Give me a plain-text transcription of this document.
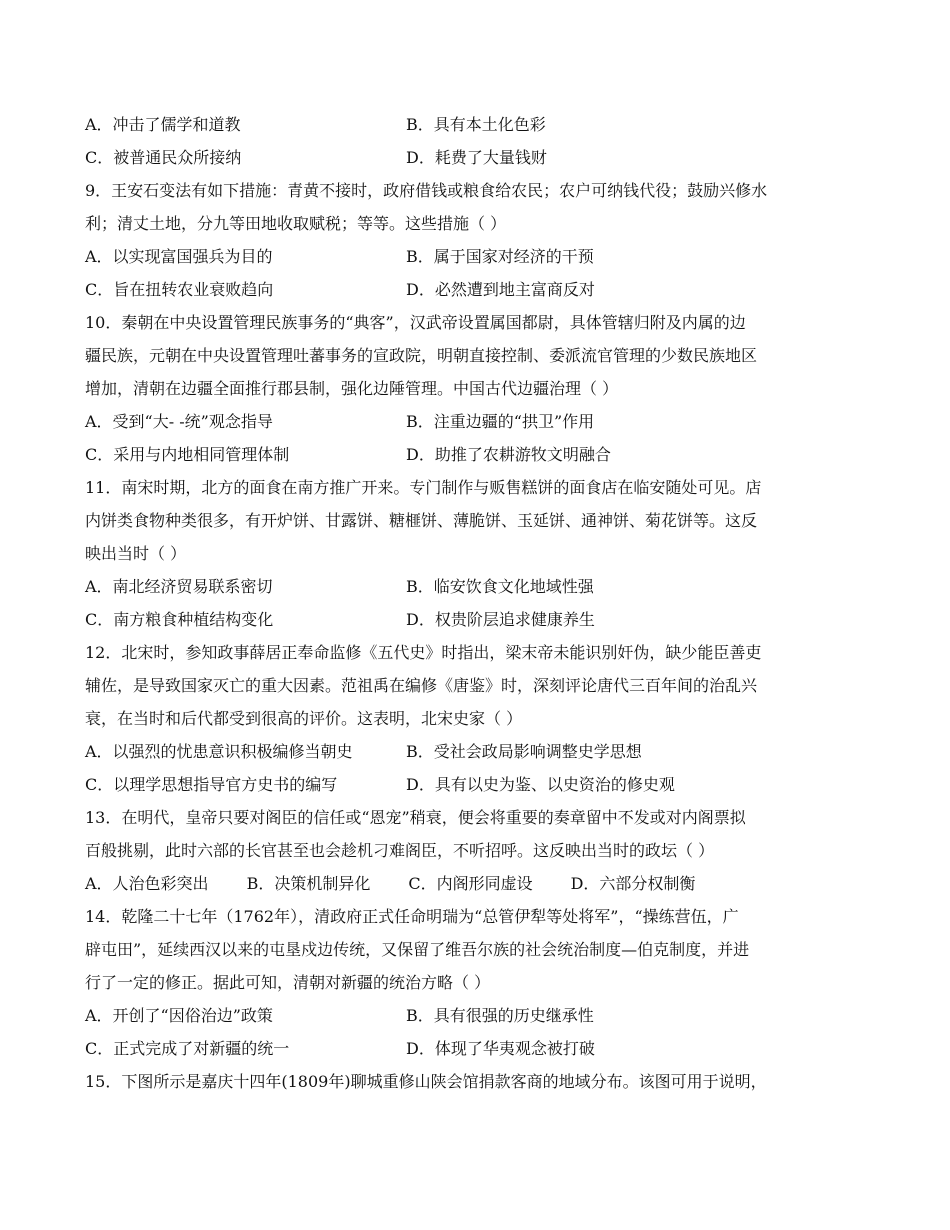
A．冲击了儒学和道教	B．具有本土化色彩
C．被普通民众所接纳	D．耗费了大量钱财
9．王安石变法有如下措施：青黄不接时，政府借钱或粮食给农民；农户可纳钱代役；鼓励兴修水
利；清丈土地，分九等田地收取赋税；等等。这些措施（ ）
A．以实现富国强兵为目的	B．属于国家对经济的干预
C．旨在扭转农业衰败趋向	D．必然遭到地主富商反对
10．秦朝在中央设置管理民族事务的“典客”，汉武帝设置属国都尉，具体管辖归附及内属的边
疆民族，元朝在中央设置管理吐蕃事务的宣政院，明朝直接控制、委派流官管理的少数民族地区
增加，清朝在边疆全面推行郡县制，强化边陲管理。中国古代边疆治理（ ）
A．受到“大- -统”观念指导	B．注重边疆的“拱卫”作用
C．采用与内地相同管理体制	D．助推了农耕游牧文明融合
11．南宋时期，北方的面食在南方推广开来。专门制作与贩售糕饼的面食店在临安随处可见。店
内饼类食物种类很多，有开炉饼、甘露饼、糖榧饼、薄脆饼、玉延饼、通神饼、菊花饼等。这反
映出当时（ ）
A．南北经济贸易联系密切	B．临安饮食文化地域性强
C．南方粮食种植结构变化	D．权贵阶层追求健康养生
12．北宋时，参知政事薛居正奉命监修《五代史》时指出，梁末帝未能识别奸伪，缺少能臣善吏
辅佐，是导致国家灭亡的重大因素。范祖禹在编修《唐鉴》时，深刻评论唐代三百年间的治乱兴
衰，在当时和后代都受到很高的评价。这表明，北宋史家（ ）
A．以强烈的忧患意识积极编修当朝史	B．受社会政局影响调整史学思想
C．以理学思想指导官方史书的编写	D．具有以史为鉴、以史资治的修史观
13．在明代，皇帝只要对阁臣的信任或“恩宠”稍衰，便会将重要的奏章留中不发或对内阁票拟
百般挑剔，此时六部的长官甚至也会趁机刁难阁臣，不听招呼。这反映出当时的政坛（ ）
A．人治色彩突出 B．决策机制异化 C．内阁形同虚设 D．六部分权制衡
14．乾隆二十七年（1762年），清政府正式任命明瑞为“总管伊犁等处将军”，“操练营伍，广
辟屯田”，延续西汉以来的屯垦戍边传统，又保留了维吾尔族的社会统治制度—伯克制度，并进
行了一定的修正。据此可知，清朝对新疆的统治方略（ ）
A．开创了“因俗治边”政策	B．具有很强的历史继承性
C．正式完成了对新疆的统一	D．体现了华夷观念被打破
15．下图所示是嘉庆十四年(1809年)聊城重修山陕会馆捐款客商的地域分布。该图可用于说明，
